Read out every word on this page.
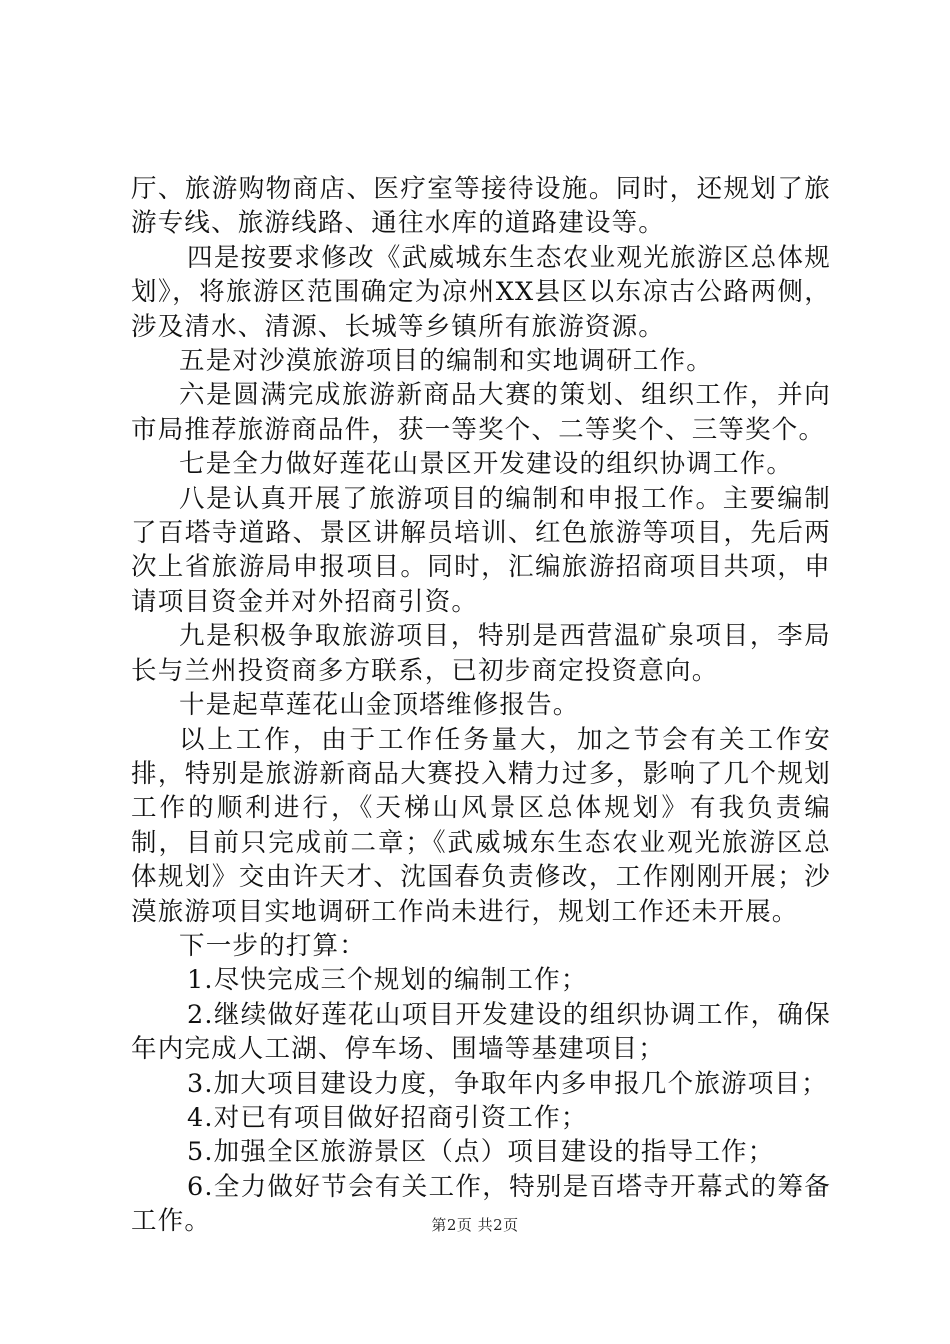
厅、旅游购物商店、医疗室等接待设施。同时，还规划了旅游专线、旅游线路、通往水库的道路建设等。

四是按要求修改《武威城东生态农业观光旅游区总体规划》，将旅游区范围确定为凉州XX县区以东凉古公路两侧，涉及清水、清源、长城等乡镇所有旅游资源。

五是对沙漠旅游项目的编制和实地调研工作。

六是圆满完成旅游新商品大赛的策划、组织工作，并向市局推荐旅游商品件，获一等奖个、二等奖个、三等奖个。

七是全力做好莲花山景区开发建设的组织协调工作。

八是认真开展了旅游项目的编制和申报工作。主要编制了百塔寺道路、景区讲解员培训、红色旅游等项目，先后两次上省旅游局申报项目。同时，汇编旅游招商项目共项，申请项目资金并对外招商引资。

九是积极争取旅游项目，特别是西营温矿泉项目，李局长与兰州投资商多方联系，已初步商定投资意向。

十是起草莲花山金顶塔维修报告。

以上工作，由于工作任务量大，加之节会有关工作安排，特别是旅游新商品大赛投入精力过多，影响了几个规划工作的顺利进行，《天梯山风景区总体规划》有我负责编制，目前只完成前二章；《武威城东生态农业观光旅游区总体规划》交由许天才、沈国春负责修改，工作刚刚开展；沙漠旅游项目实地调研工作尚未进行，规划工作还未开展。

下一步的打算：

1.尽快完成三个规划的编制工作；

2.继续做好莲花山项目开发建设的组织协调工作，确保年内完成人工湖、停车场、围墙等基建项目；

3.加大项目建设力度，争取年内多申报几个旅游项目；

4.对已有项目做好招商引资工作；

5.加强全区旅游景区（点）项目建设的指导工作；

6.全力做好节会有关工作，特别是百塔寺开幕式的筹备工作。	第2页 共2页
